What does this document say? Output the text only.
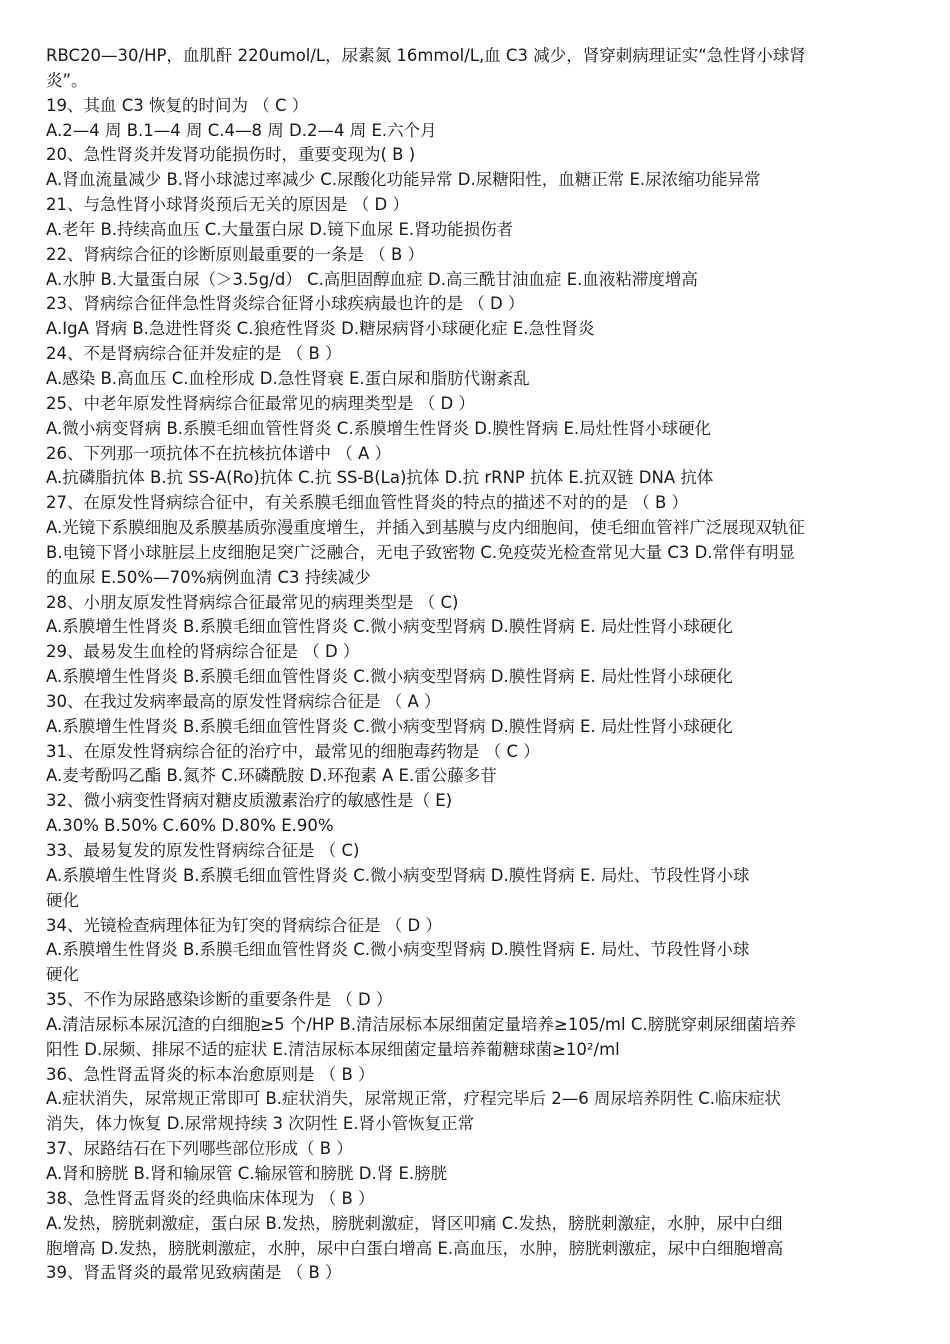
RBC20—30/HP，血肌酐 220umol/L，尿素氮 16mmol/L,血 C3 减少，肾穿刺病理证实“急性肾小球肾
炎”。
19、其血 C3 恢复的时间为 （ C ）
A.2—4 周 B.1—4 周 C.4—8 周 D.2—4 周 E.六个月
20、急性肾炎并发肾功能损伤时，重要变现为( B )
A.肾血流量减少 B.肾小球滤过率减少 C.尿酸化功能异常 D.尿糖阳性，血糖正常 E.尿浓缩功能异常
21、与急性肾小球肾炎预后无关的原因是 （ D ）
A.老年 B.持续高血压 C.大量蛋白尿 D.镜下血尿 E.肾功能损伤者
22、肾病综合征的诊断原则最重要的一条是 （ B ）
A.水肿 B.大量蛋白尿（＞3.5g/d） C.高胆固醇血症 D.高三酰甘油血症 E.血液粘滞度增高
23、肾病综合征伴急性肾炎综合征肾小球疾病最也许的是 （ D ）
A.IgA 肾病 B.急进性肾炎 C.狼疮性肾炎 D.糖尿病肾小球硬化症 E.急性肾炎
24、不是肾病综合征并发症的是 （ B ）
A.感染 B.高血压 C.血栓形成 D.急性肾衰 E.蛋白尿和脂肪代谢紊乱
25、中老年原发性肾病综合征最常见的病理类型是 （ D ）
A.微小病变肾病 B.系膜毛细血管性肾炎 C.系膜增生性肾炎 D.膜性肾病 E.局灶性肾小球硬化
26、下列那一项抗体不在抗核抗体谱中 （ A ）
A.抗磷脂抗体 B.抗 SS-A(Ro)抗体 C.抗 SS-B(La)抗体 D.抗 rRNP 抗体 E.抗双链 DNA 抗体
27、在原发性肾病综合征中，有关系膜毛细血管性肾炎的特点的描述不对的的是 （ B ）
A.光镜下系膜细胞及系膜基质弥漫重度增生，并插入到基膜与皮内细胞间，使毛细血管袢广泛展现双轨征
B.电镜下肾小球脏层上皮细胞足突广泛融合，无电子致密物 C.免疫荧光检查常见大量 C3 D.常伴有明显
的血尿 E.50%—70%病例血清 C3 持续减少
28、小朋友原发性肾病综合征最常见的病理类型是 （ C)
A.系膜增生性肾炎 B.系膜毛细血管性肾炎 C.微小病变型肾病 D.膜性肾病 E. 局灶性肾小球硬化
29、最易发生血栓的肾病综合征是 （ D ）
A.系膜增生性肾炎 B.系膜毛细血管性肾炎 C.微小病变型肾病 D.膜性肾病 E. 局灶性肾小球硬化
30、在我过发病率最高的原发性肾病综合征是 （ A ）
A.系膜增生性肾炎 B.系膜毛细血管性肾炎 C.微小病变型肾病 D.膜性肾病 E. 局灶性肾小球硬化
31、在原发性肾病综合征的治疗中，最常见的细胞毒药物是 （ C ）
A.麦考酚吗乙酯 B.氮芥 C.环磷酰胺 D.环孢素 A E.雷公藤多苷
32、微小病变性肾病对糖皮质激素治疗的敏感性是（ E)
A.30% B.50% C.60% D.80% E.90%
33、最易复发的原发性肾病综合征是 （ C)
A.系膜增生性肾炎 B.系膜毛细血管性肾炎 C.微小病变型肾病 D.膜性肾病 E. 局灶、节段性肾小球
硬化
34、光镜检查病理体征为钉突的肾病综合征是 （ D ）
A.系膜增生性肾炎 B.系膜毛细血管性肾炎 C.微小病变型肾病 D.膜性肾病 E. 局灶、节段性肾小球
硬化
35、不作为尿路感染诊断的重要条件是 （ D ）
A.清洁尿标本尿沉渣的白细胞≥5 个/HP B.清洁尿标本尿细菌定量培养≥105/ml C.膀胱穿刺尿细菌培养
阳性 D.尿频、排尿不适的症状 E.清洁尿标本尿细菌定量培养葡糖球菌≥10²/ml
36、急性肾盂肾炎的标本治愈原则是 （ B ）
A.症状消失，尿常规正常即可 B.症状消失，尿常规正常，疗程完毕后 2—6 周尿培养阴性 C.临床症状
消失，体力恢复 D.尿常规持续 3 次阴性 E.肾小管恢复正常
37、尿路结石在下列哪些部位形成（ B ）
A.肾和膀胱 B.肾和输尿管 C.输尿管和膀胱 D.肾 E.膀胱
38、急性肾盂肾炎的经典临床体现为 （ B ）
A.发热，膀胱刺激症，蛋白尿 B.发热，膀胱刺激症，肾区叩痛 C.发热，膀胱刺激症，水肿，尿中白细
胞增高 D.发热，膀胱刺激症，水肿，尿中白蛋白增高 E.高血压，水肿，膀胱刺激症，尿中白细胞增高
39、肾盂肾炎的最常见致病菌是 （ B ）
